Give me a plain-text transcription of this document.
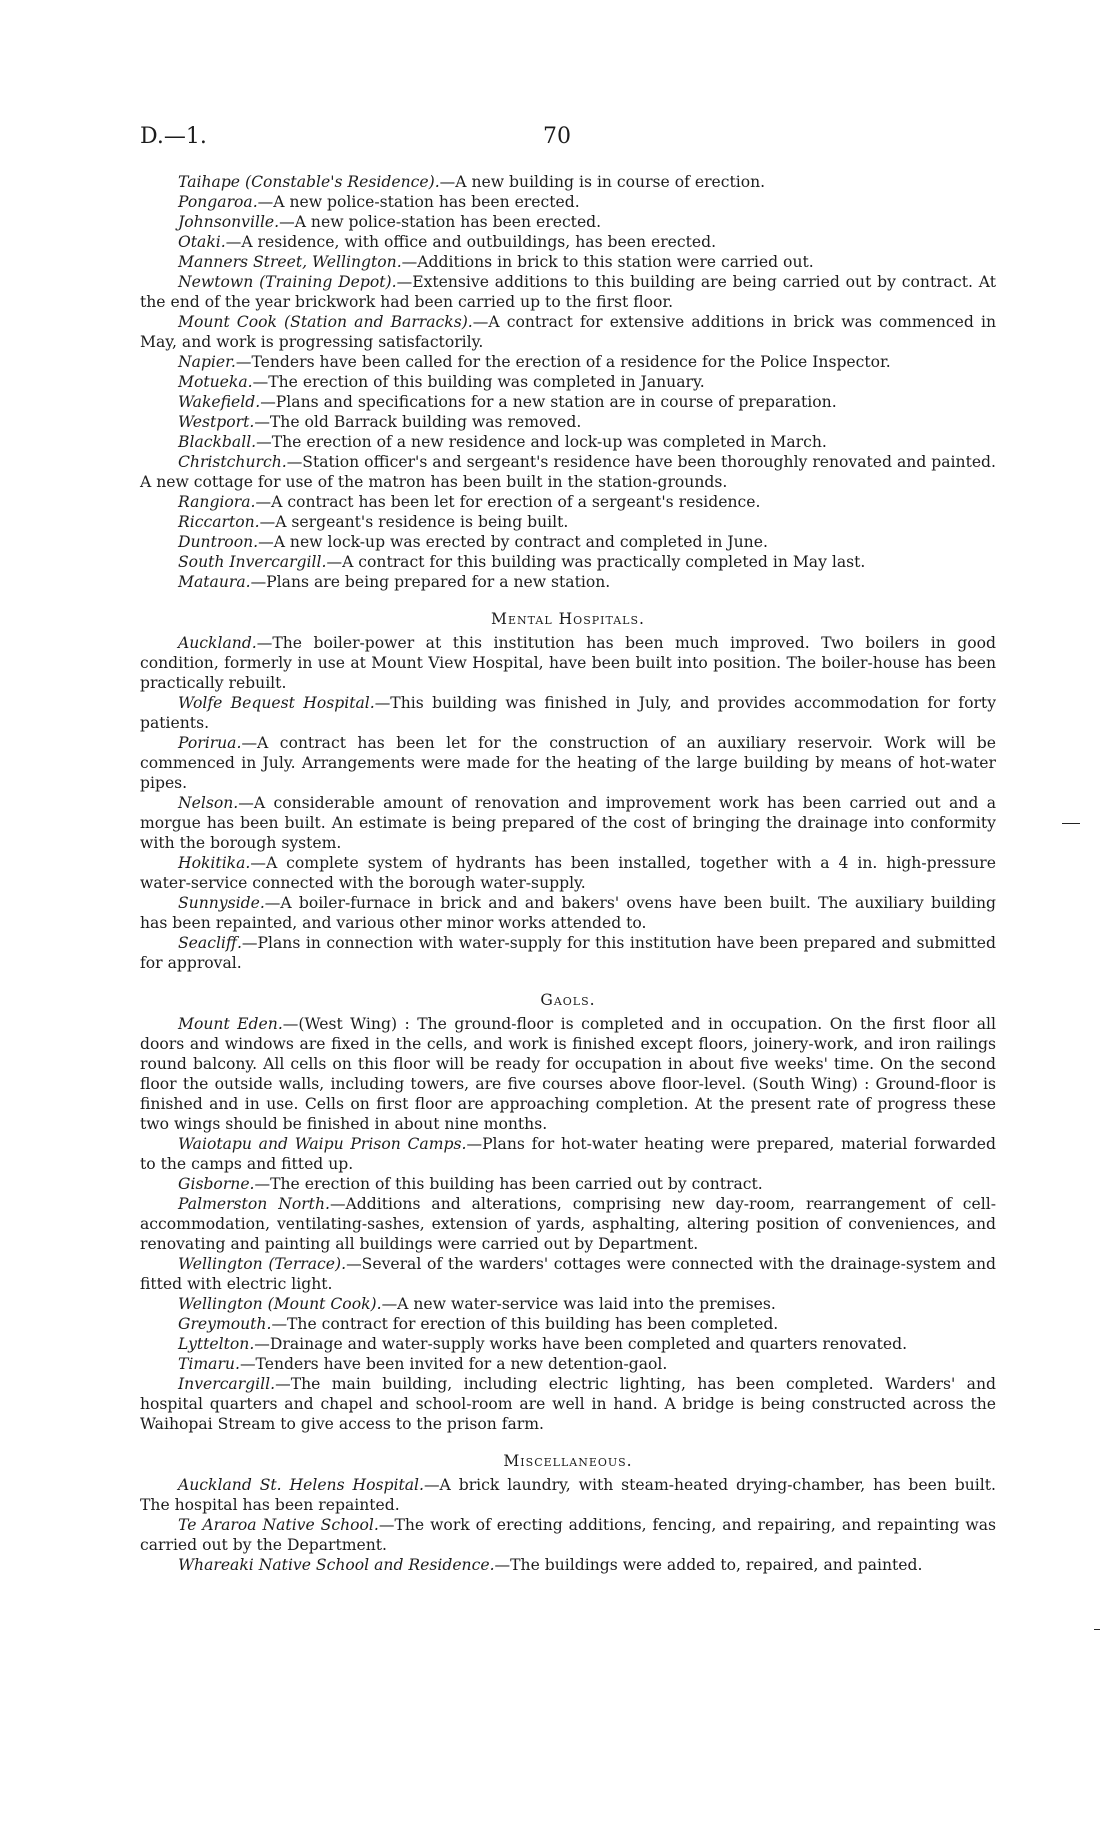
D.—1.	70

Taihape (Constable's Residence).—A new building is in course of erection.

Pongaroa.—A new police-station has been erected.

Johnsonville.—A new police-station has been erected.

Otaki.—A residence, with office and outbuildings, has been erected.

Manners Street, Wellington.—Additions in brick to this station were carried out.

Newtown (Training Depot).—Extensive additions to this building are being carried out by contract. At the end of the year brickwork had been carried up to the first floor.

Mount Cook (Station and Barracks).—A contract for extensive additions in brick was commenced in May, and work is progressing satisfactorily.

Napier.—Tenders have been called for the erection of a residence for the Police Inspector.

Motueka.—The erection of this building was completed in January.

Wakefield.—Plans and specifications for a new station are in course of preparation.

Westport.—The old Barrack building was removed.

Blackball.—The erection of a new residence and lock-up was completed in March.

Christchurch.—Station officer's and sergeant's residence have been thoroughly renovated and painted. A new cottage for use of the matron has been built in the station-grounds.

Rangiora.—A contract has been let for erection of a sergeant's residence.

Riccarton.—A sergeant's residence is being built.

Duntroon.—A new lock-up was erected by contract and completed in June.

South Invercargill.—A contract for this building was practically completed in May last.

Mataura.—Plans are being prepared for a new station.

Mental Hospitals.

Auckland.—The boiler-power at this institution has been much improved. Two boilers in good condition, formerly in use at Mount View Hospital, have been built into position. The boiler-house has been practically rebuilt.

Wolfe Bequest Hospital.—This building was finished in July, and provides accommodation for forty patients.

Porirua.—A contract has been let for the construction of an auxiliary reservoir. Work will be commenced in July. Arrangements were made for the heating of the large building by means of hot-water pipes.

Nelson.—A considerable amount of renovation and improvement work has been carried out and a morgue has been built. An estimate is being prepared of the cost of bringing the drainage into conformity with the borough system.

Hokitika.—A complete system of hydrants has been installed, together with a 4 in. high-pressure water-service connected with the borough water-supply.

Sunnyside.—A boiler-furnace in brick and and bakers' ovens have been built. The auxiliary building has been repainted, and various other minor works attended to.

Seacliff.—Plans in connection with water-supply for this institution have been prepared and submitted for approval.

Gaols.

Mount Eden.—(West Wing) : The ground-floor is completed and in occupation. On the first floor all doors and windows are fixed in the cells, and work is finished except floors, joinery-work, and iron railings round balcony. All cells on this floor will be ready for occupation in about five weeks' time. On the second floor the outside walls, including towers, are five courses above floor-level. (South Wing) : Ground-floor is finished and in use. Cells on first floor are approaching completion. At the present rate of progress these two wings should be finished in about nine months.

Waiotapu and Waipu Prison Camps.—Plans for hot-water heating were prepared, material forwarded to the camps and fitted up.

Gisborne.—The erection of this building has been carried out by contract.

Palmerston North.—Additions and alterations, comprising new day-room, rearrangement of cell-accommodation, ventilating-sashes, extension of yards, asphalting, altering position of conveniences, and renovating and painting all buildings were carried out by Department.

Wellington (Terrace).—Several of the warders' cottages were connected with the drainage-system and fitted with electric light.

Wellington (Mount Cook).—A new water-service was laid into the premises.

Greymouth.—The contract for erection of this building has been completed.

Lyttelton.—Drainage and water-supply works have been completed and quarters renovated.

Timaru.—Tenders have been invited for a new detention-gaol.

Invercargill.—The main building, including electric lighting, has been completed. Warders' and hospital quarters and chapel and school-room are well in hand. A bridge is being constructed across the Waihopai Stream to give access to the prison farm.

Miscellaneous.

Auckland St. Helens Hospital.—A brick laundry, with steam-heated drying-chamber, has been built. The hospital has been repainted.

Te Araroa Native School.—The work of erecting additions, fencing, and repairing, and repainting was carried out by the Department.

Whareaki Native School and Residence.—The buildings were added to, repaired, and painted.
